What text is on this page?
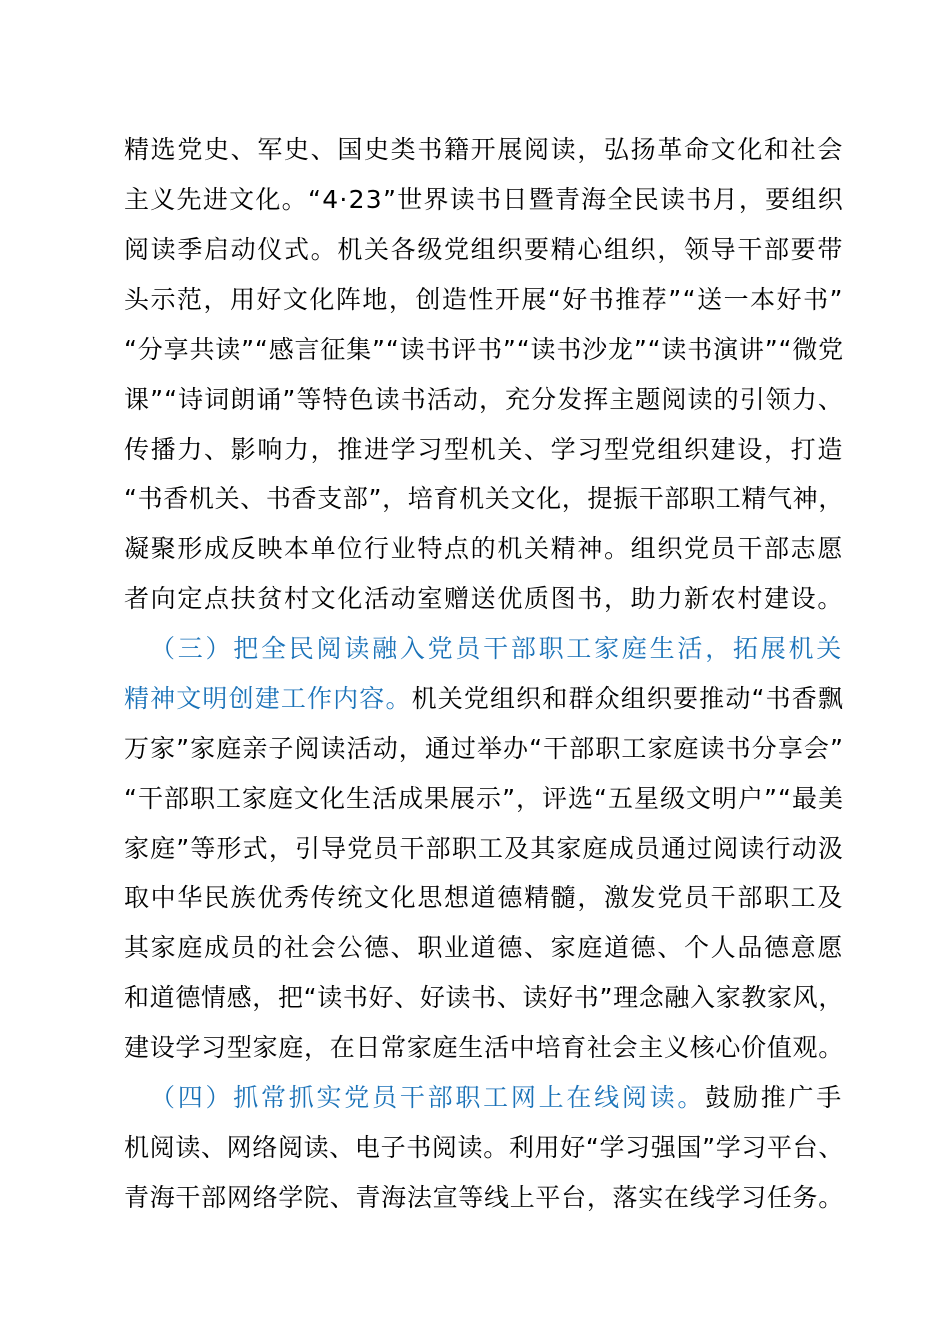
精选党史、军史、国史类书籍开展阅读，弘扬革命文化和社会
主义先进文化。“4·23”世界读书日暨青海全民读书月，要组织
阅读季启动仪式。机关各级党组织要精心组织，领导干部要带
头示范，用好文化阵地，创造性开展“好书推荐”“送一本好书”
“分享共读”“感言征集”“读书评书”“读书沙龙”“读书演讲”“微党
课”“诗词朗诵”等特色读书活动，充分发挥主题阅读的引领力、
传播力、影响力，推进学习型机关、学习型党组织建设，打造
“书香机关、书香支部”，培育机关文化，提振干部职工精气神，
凝聚形成反映本单位行业特点的机关精神。组织党员干部志愿
者向定点扶贫村文化活动室赠送优质图书，助力新农村建设。
（三）把全民阅读融入党员干部职工家庭生活，拓展机关
精神文明创建工作内容。机关党组织和群众组织要推动“书香飘
万家”家庭亲子阅读活动，通过举办“干部职工家庭读书分享会”
“干部职工家庭文化生活成果展示”，评选“五星级文明户”“最美
家庭”等形式，引导党员干部职工及其家庭成员通过阅读行动汲
取中华民族优秀传统文化思想道德精髓，激发党员干部职工及
其家庭成员的社会公德、职业道德、家庭道德、个人品德意愿
和道德情感，把“读书好、好读书、读好书”理念融入家教家风，
建设学习型家庭，在日常家庭生活中培育社会主义核心价值观。
（四）抓常抓实党员干部职工网上在线阅读。鼓励推广手
机阅读、网络阅读、电子书阅读。利用好“学习强国”学习平台、
青海干部网络学院、青海法宣等线上平台，落实在线学习任务。
